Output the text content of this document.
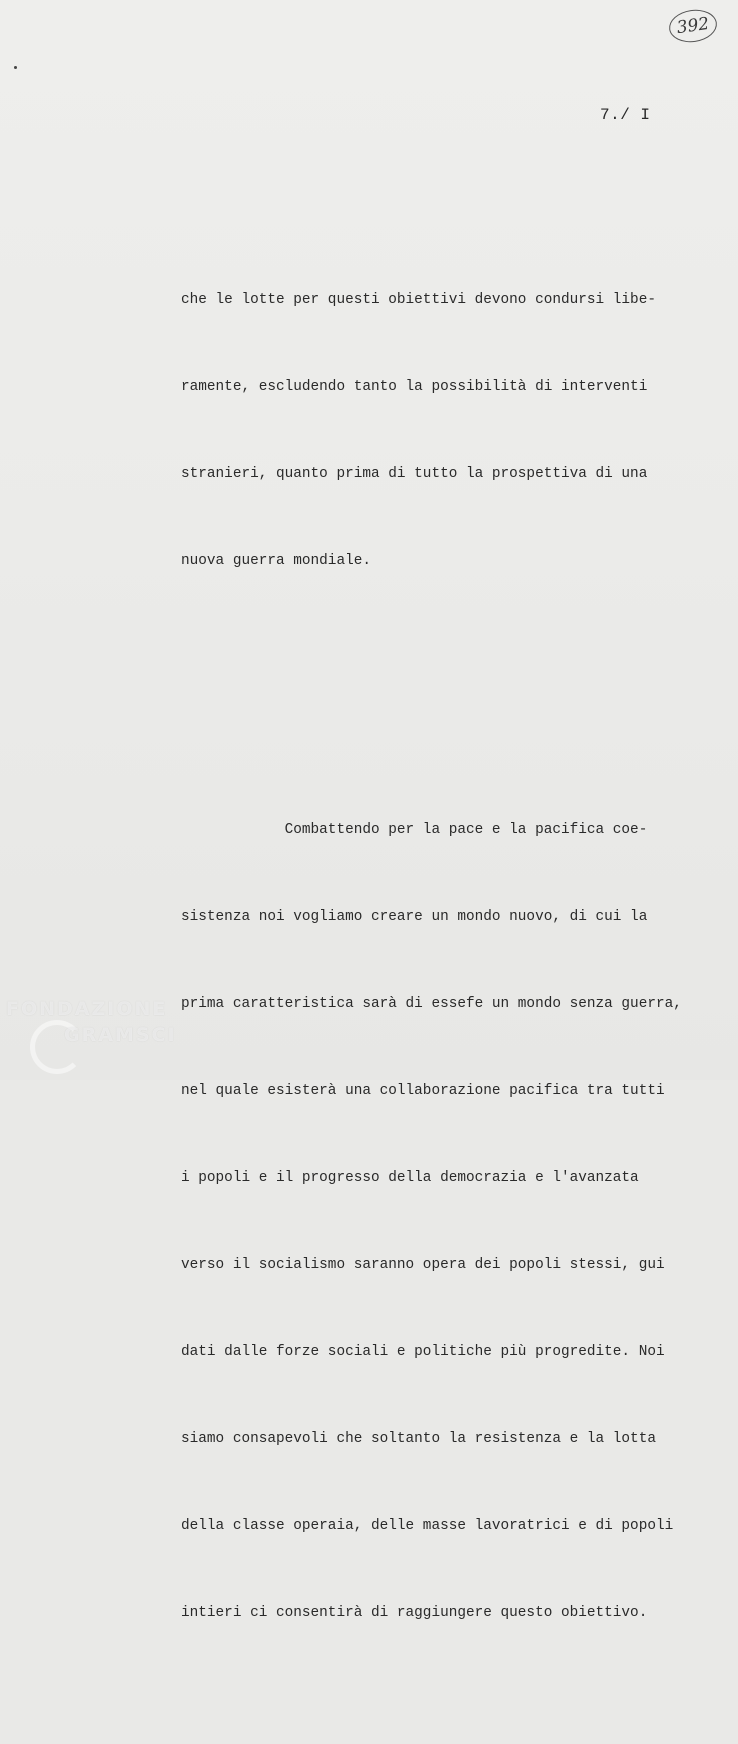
392
7./ I

che le lotte per questi obiettivi devono condursi libe-

ramente, escludendo tanto la possibilità di interventi

stranieri, quanto prima di tutto la prospettiva di una

nuova guerra mondiale.

Combattendo per la pace e la pacifica coe-

sistenza noi vogliamo creare un mondo nuovo, di cui la

prima caratteristica sarà di essefe un mondo senza guerra,

nel quale esisterà una collaborazione pacifica tra tutti

i popoli e il progresso della democrazia e l'avanzata

verso il socialismo saranno opera dei popoli stessi, gui

dati dalle forze sociali e politiche più progredite. Noi

siamo consapevoli che soltanto la resistenza e la lotta

della classe operaia, delle masse lavoratrici e di popoli

intieri ci consentirà di raggiungere questo obiettivo.

FONDAZIONE
GRAMSCI
